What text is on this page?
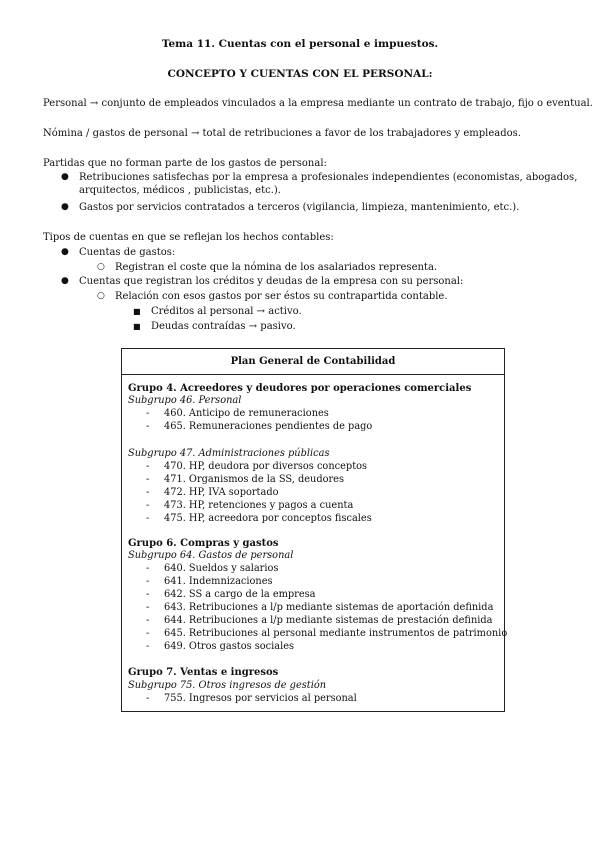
Tema 11. Cuentas con el personal e impuestos.
CONCEPTO Y CUENTAS CON EL PERSONAL:
Personal → conjunto de empleados vinculados a la empresa mediante un contrato de trabajo, fijo o eventual.
Nómina / gastos de personal → total de retribuciones a favor de los trabajadores y empleados.
Partidas que no forman parte de los gastos de personal:
● Retribuciones satisfechas por la empresa a profesionales independientes (economistas, abogados,
arquitectos, médicos , publicistas, etc.).
● Gastos por servicios contratados a terceros (vigilancia, limpieza, mantenimiento, etc.).
Tipos de cuentas en que se reflejan los hechos contables:
● Cuentas de gastos:
○ Registran el coste que la nómina de los asalariados representa.
● Cuentas que registran los créditos y deudas de la empresa con su personal:
○ Relación con esos gastos por ser éstos su contrapartida contable.
■ Créditos al personal → activo.
■ Deudas contraídas → pasivo.
Plan General de Contabilidad
Grupo 4. Acreedores y deudores por operaciones comerciales
Subgrupo 46. Personal
- 460. Anticipo de remuneraciones
- 465. Remuneraciones pendientes de pago
Subgrupo 47. Administraciones públicas
- 470. HP, deudora por diversos conceptos
- 471. Organismos de la SS, deudores
- 472. HP, IVA soportado
- 473. HP, retenciones y pagos a cuenta
- 475. HP, acreedora por conceptos fiscales
Grupo 6. Compras y gastos
Subgrupo 64. Gastos de personal
- 640. Sueldos y salarios
- 641. Indemnizaciones
- 642. SS a cargo de la empresa
- 643. Retribuciones a l/p mediante sistemas de aportación definida
- 644. Retribuciones a l/p mediante sistemas de prestación definida
- 645. Retribuciones al personal mediante instrumentos de patrimonio
- 649. Otros gastos sociales
Grupo 7. Ventas e ingresos
Subgrupo 75. Otros ingresos de gestión
- 755. Ingresos por servicios al personal
